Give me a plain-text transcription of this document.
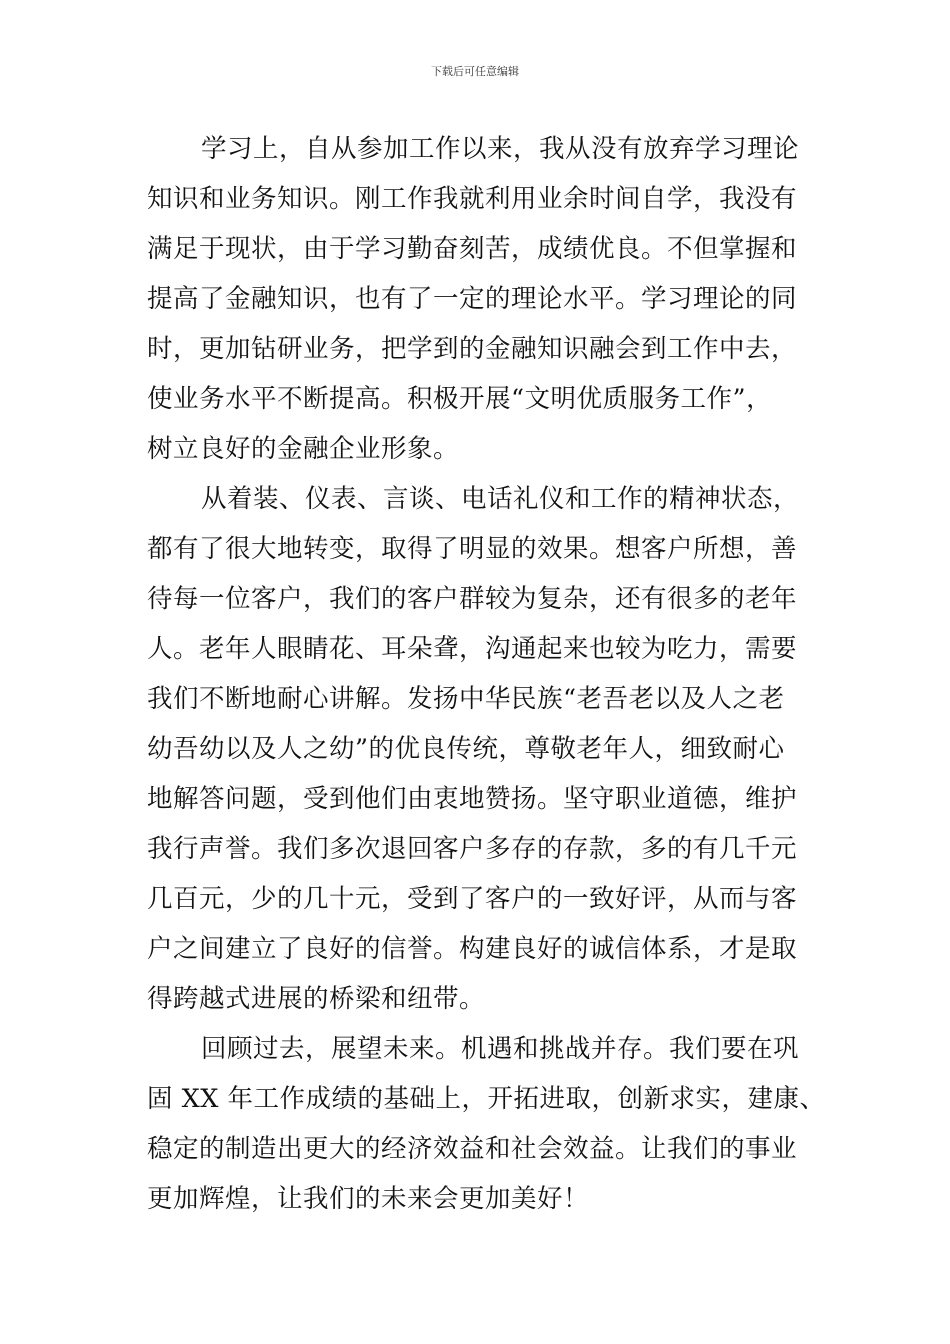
下载后可任意编辑
学习上，自从参加工作以来，我从没有放弃学习理论
知识和业务知识。刚工作我就利用业余时间自学，我没有
满足于现状，由于学习勤奋刻苦，成绩优良。不但掌握和
提高了金融知识，也有了一定的理论水平。学习理论的同
时，更加钻研业务，把学到的金融知识融会到工作中去，
使业务水平不断提高。积极开展“文明优质服务工作”，
树立良好的金融企业形象。
从着装、仪表、言谈、电话礼仪和工作的精神状态，
都有了很大地转变，取得了明显的效果。想客户所想，善
待每一位客户，我们的客户群较为复杂，还有很多的老年
人。老年人眼睛花、耳朵聋，沟通起来也较为吃力，需要
我们不断地耐心讲解。发扬中华民族“老吾老以及人之老
幼吾幼以及人之幼”的优良传统，尊敬老年人，细致耐心
地解答问题，受到他们由衷地赞扬。坚守职业道德，维护
我行声誉。我们多次退回客户多存的存款，多的有几千元
几百元，少的几十元，受到了客户的一致好评，从而与客
户之间建立了良好的信誉。构建良好的诚信体系，才是取
得跨越式进展的桥梁和纽带。
回顾过去，展望未来。机遇和挑战并存。我们要在巩
固 XX 年工作成绩的基础上，开拓进取，创新求实，建康、
稳定的制造出更大的经济效益和社会效益。让我们的事业
更加辉煌，让我们的未来会更加美好！
